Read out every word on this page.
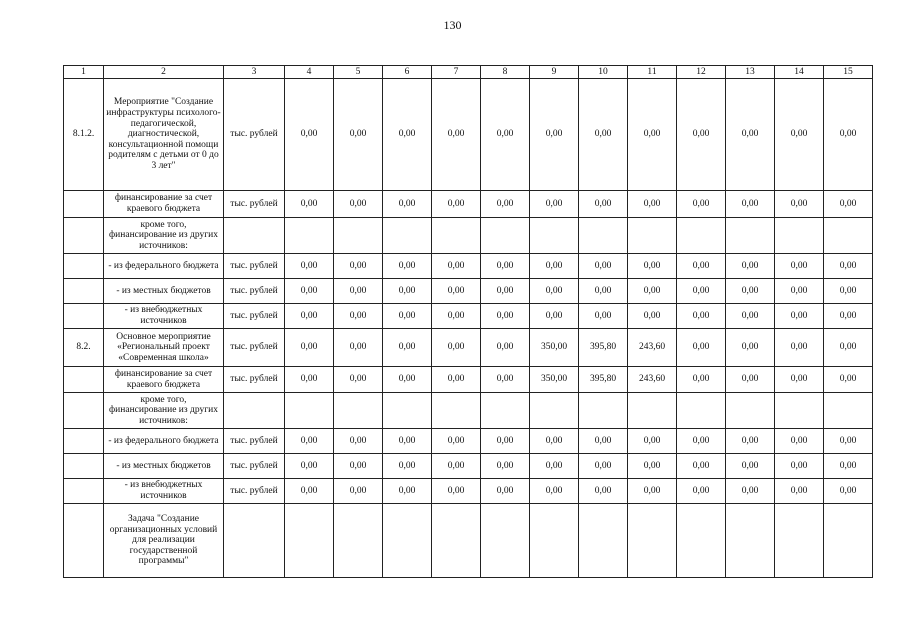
130
1	2	3	4	5	6	7	8	9	10	11	12	13	14	15
8.1.2.	Мероприятие "Создание инфраструктуры психолого-педагогической, диагностической, консультационной помощи родителям с детьми от 0 до 3 лет"	тыс. рублей	0,00	0,00	0,00	0,00	0,00	0,00	0,00	0,00	0,00	0,00	0,00	0,00
	финансирование за счет краевого бюджета	тыс. рублей	0,00	0,00	0,00	0,00	0,00	0,00	0,00	0,00	0,00	0,00	0,00	0,00
	кроме того, финансирование из других источников:													
	- из федерального бюджета	тыс. рублей	0,00	0,00	0,00	0,00	0,00	0,00	0,00	0,00	0,00	0,00	0,00	0,00
	- из местных бюджетов	тыс. рублей	0,00	0,00	0,00	0,00	0,00	0,00	0,00	0,00	0,00	0,00	0,00	0,00
	- из внебюджетных источников	тыс. рублей	0,00	0,00	0,00	0,00	0,00	0,00	0,00	0,00	0,00	0,00	0,00	0,00
8.2.	Основное мероприятие «Региональный проект «Современная школа»	тыс. рублей	0,00	0,00	0,00	0,00	0,00	350,00	395,80	243,60	0,00	0,00	0,00	0,00
	финансирование за счет краевого бюджета	тыс. рублей	0,00	0,00	0,00	0,00	0,00	350,00	395,80	243,60	0,00	0,00	0,00	0,00
	кроме того, финансирование из других источников:													
	- из федерального бюджета	тыс. рублей	0,00	0,00	0,00	0,00	0,00	0,00	0,00	0,00	0,00	0,00	0,00	0,00
	- из местных бюджетов	тыс. рублей	0,00	0,00	0,00	0,00	0,00	0,00	0,00	0,00	0,00	0,00	0,00	0,00
	- из внебюджетных источников	тыс. рублей	0,00	0,00	0,00	0,00	0,00	0,00	0,00	0,00	0,00	0,00	0,00	0,00
	Задача "Создание организационных условий для реализации государственной программы"													
